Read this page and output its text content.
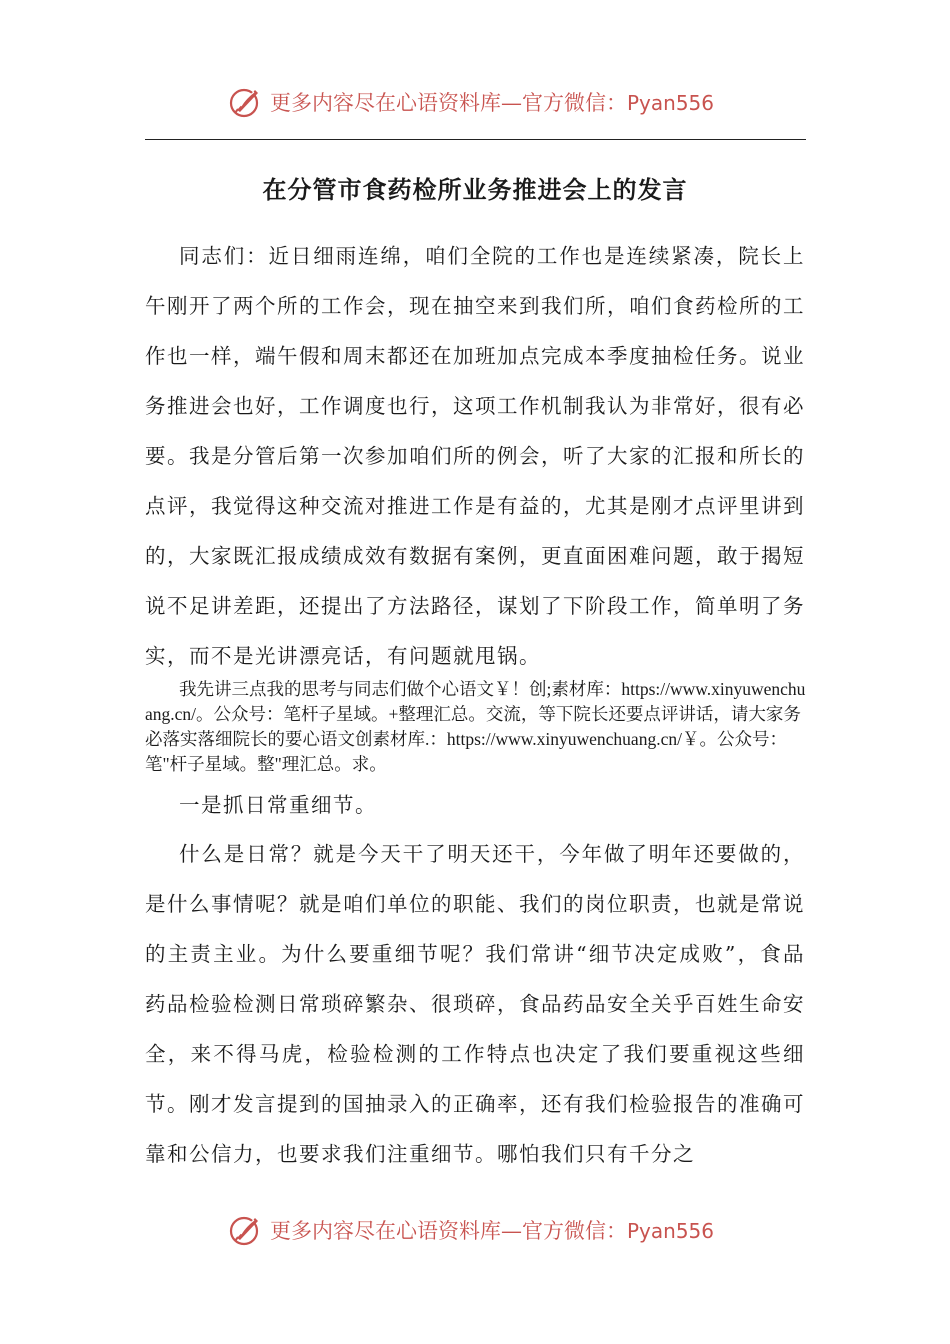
更多内容尽在心语资料库—官方微信：Pyan556
在分管市食药检所业务推进会上的发言

同志们：近日细雨连绵，咱们全院的工作也是连续紧凑，院长上午刚开了两个所的工作会，现在抽空来到我们所，咱们食药检所的工作也一样，端午假和周末都还在加班加点完成本季度抽检任务。说业务推进会也好，工作调度也行，这项工作机制我认为非常好，很有必要。我是分管后第一次参加咱们所的例会，听了大家的汇报和所长的点评，我觉得这种交流对推进工作是有益的，尤其是刚才点评里讲到的，大家既汇报成绩成效有数据有案例，更直面困难问题，敢于揭短说不足讲差距，还提出了方法路径，谋划了下阶段工作，简单明了务实，而不是光讲漂亮话，有问题就甩锅。

我先讲三点我的思考与同志们做个心语文￥！创;素材库：https://www.xinyuwenchuang.cn/。公众号：笔杆子星域。+整理汇总。交流，等下院长还要点评讲话，请大家务必落实落细院长的要心语文创素材库.：https://www.xinyuwenchuang.cn/￥。公众号：笔"杆子星域。整"理汇总。求。

一是抓日常重细节。

什么是日常？就是今天干了明天还干，今年做了明年还要做的，是什么事情呢？就是咱们单位的职能、我们的岗位职责，也就是常说的主责主业。为什么要重细节呢？我们常讲“细节决定成败”，食品药品检验检测日常琐碎繁杂、很琐碎，食品药品安全关乎百姓生命安全，来不得马虎，检验检测的工作特点也决定了我们要重视这些细节。刚才发言提到的国抽录入的正确率，还有我们检验报告的准确可靠和公信力，也要求我们注重细节。哪怕我们只有千分之

更多内容尽在心语资料库—官方微信：Pyan556
